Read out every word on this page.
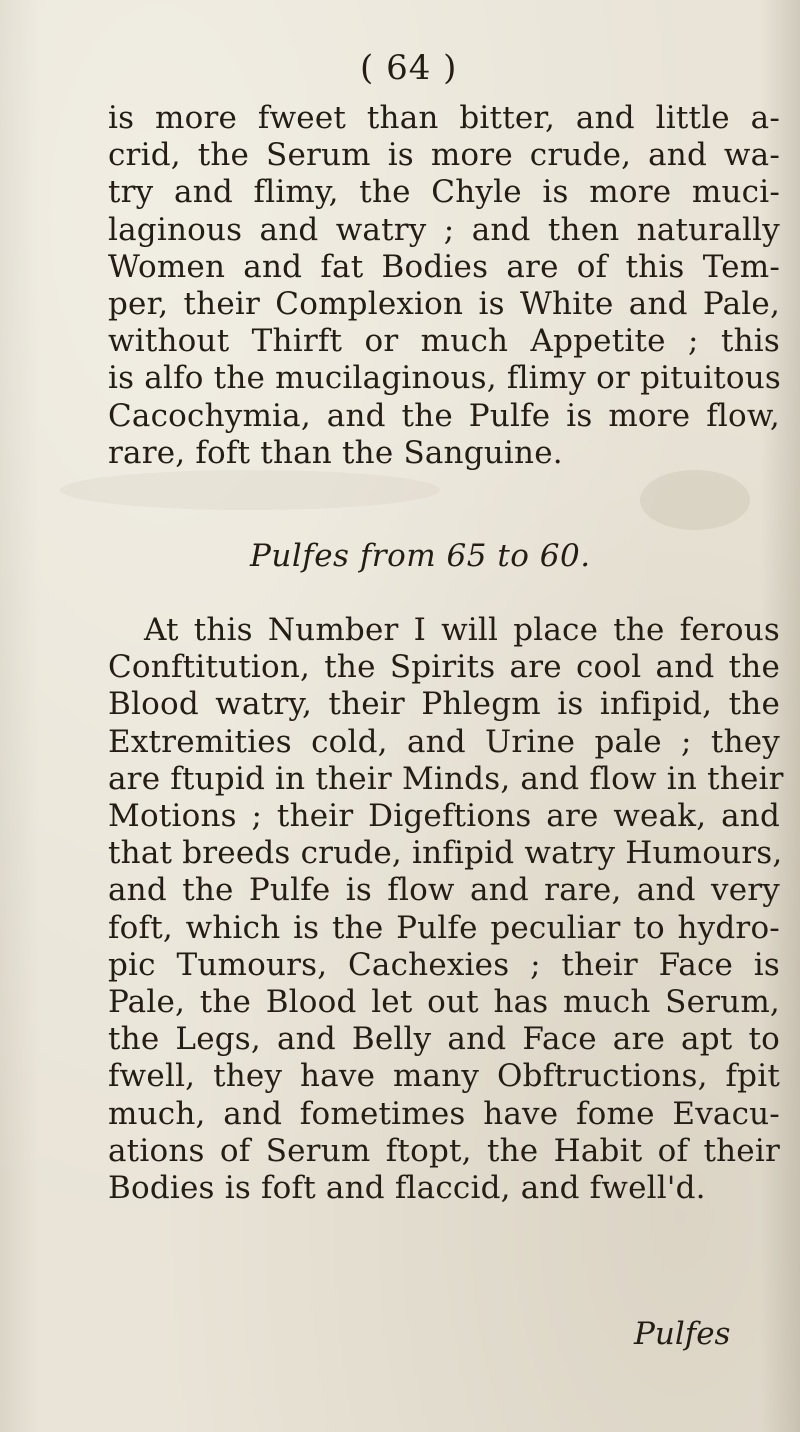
( 64 )
is more fweet than bitter, and little a-
crid, the Serum is more crude, and wa-
try and flimy, the Chyle is more muci-
laginous and watry ; and then naturally
Women and fat Bodies are of this Tem-
per, their Complexion is White and Pale,
without Thirft or much Appetite ; this
is alfo the mucilaginous, flimy or pituitous
Cacochymia, and the Pulfe is more flow,
rare, foft than the Sanguine.
Pulfes from 65 to 60.
At this Number I will place the ferous
Conftitution, the Spirits are cool and the
Blood watry, their Phlegm is infipid, the
Extremities cold, and Urine pale ; they
are ftupid in their Minds, and flow in their
Motions ; their Digeftions are weak, and
that breeds crude, infipid watry Humours,
and the Pulfe is flow and rare, and very
foft, which is the Pulfe peculiar to hydro-
pic Tumours, Cachexies ; their Face is
Pale, the Blood let out has much Serum,
the Legs, and Belly and Face are apt to
fwell, they have many Obftructions, fpit
much, and fometimes have fome Evacu-
ations of Serum ftopt, the Habit of their
Bodies is foft and flaccid, and fwell'd.
Pulfes
